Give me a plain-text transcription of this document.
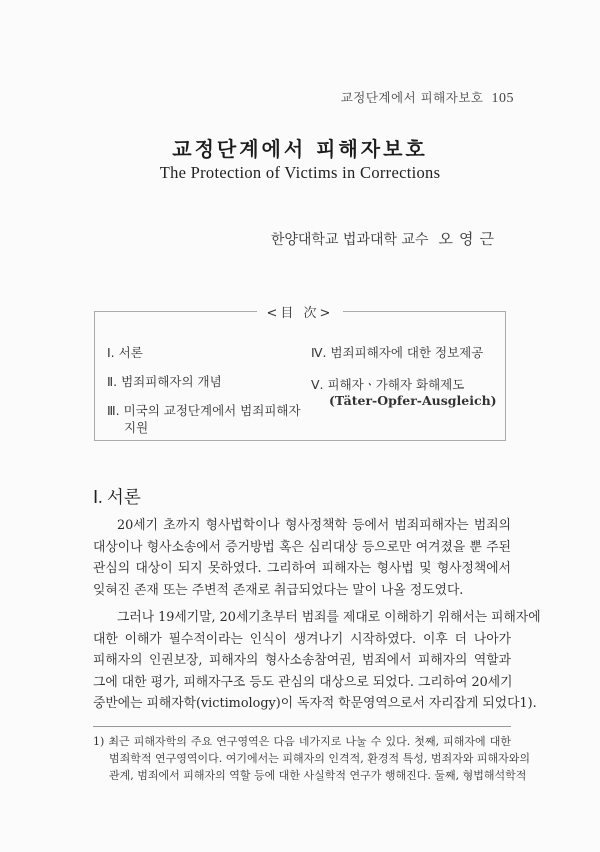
교정단계에서 피해자보호 105
교정단계에서 피해자보호
The Protection of Victims in Corrections
한양대학교 법과대학 교수 오영근
<目 次>
Ⅰ. 서론
Ⅱ. 범죄피해자의 개념
Ⅲ. 미국의 교정단계에서 범죄피해자
지원
Ⅳ. 범죄피해자에 대한 정보제공
Ⅴ. 피해자ㆍ가해자 화해제도
(Täter-Opfer-Ausgleich)
Ⅰ. 서론

20세기 초까지 형사법학이나 형사정책학 등에서 범죄피해자는 범죄의
대상이나 형사소송에서 증거방법 혹은 심리대상 등으로만 여겨졌을 뿐 주된
관심의 대상이 되지 못하였다. 그리하여 피해자는 형사법 및 형사정책에서
잊혀진 존재 또는 주변적 존재로 취급되었다는 말이 나올 정도였다.

그러나 19세기말, 20세기초부터 범죄를 제대로 이해하기 위해서는 피해자에
대한 이해가 필수적이라는 인식이 생겨나기 시작하였다. 이후 더 나아가
피해자의 인권보장, 피해자의 형사소송참여권, 범죄에서 피해자의 역할과
그에 대한 평가, 피해자구조 등도 관심의 대상으로 되었다. 그리하여 20세기
중반에는 피해자학(victimology)이 독자적 학문영역으로서 자리잡게 되었다1).

1) 최근 피해자학의 주요 연구영역은 다음 네가지로 나눌 수 있다. 첫째, 피해자에 대한
범죄학적 연구영역이다. 여기에서는 피해자의 인격적, 환경적 특성, 범죄자와 피해자와의
관계, 범죄에서 피해자의 역할 등에 대한 사실학적 연구가 행해진다. 둘째, 형법해석학적
